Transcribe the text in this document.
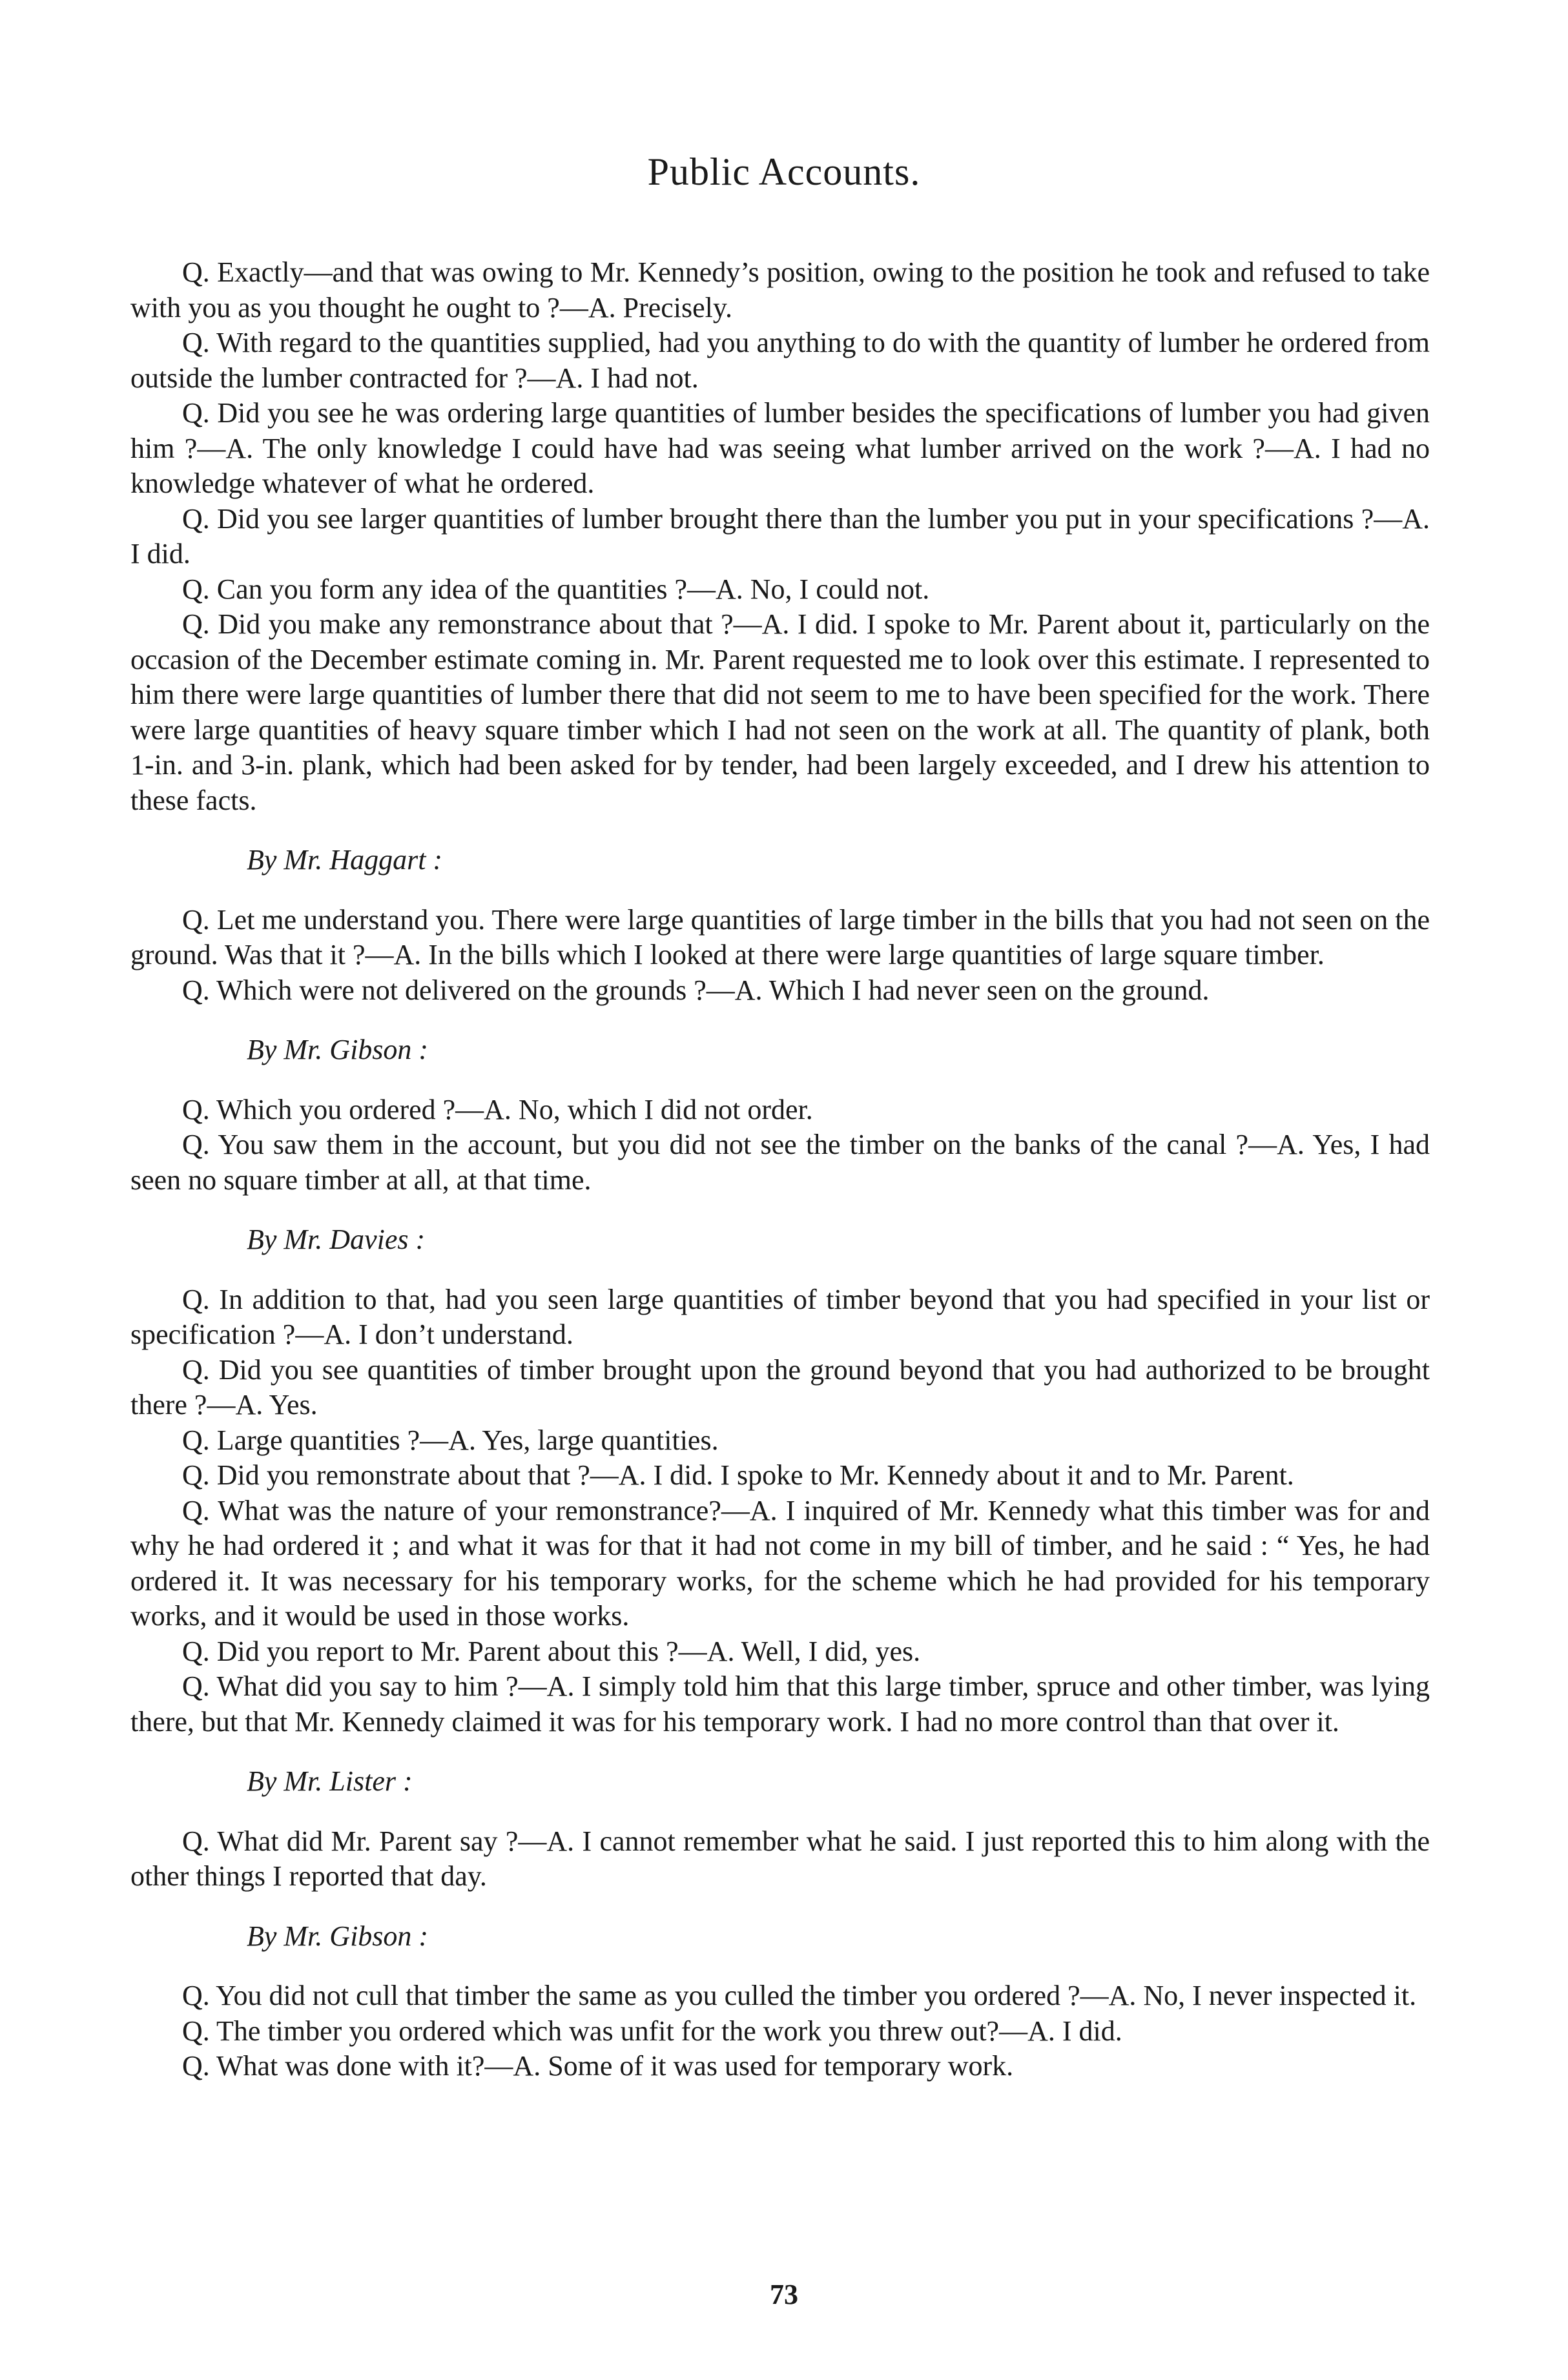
Public Accounts.

Q. Exactly—and that was owing to Mr. Kennedy’s position, owing to the position he took and refused to take with you as you thought he ought to ?—A. Precisely.

Q. With regard to the quantities supplied, had you anything to do with the quantity of lumber he ordered from outside the lumber contracted for ?—A. I had not.

Q. Did you see he was ordering large quantities of lumber besides the specifications of lumber you had given him ?—A. The only knowledge I could have had was seeing what lumber arrived on the work ?—A. I had no knowledge whatever of what he ordered.

Q. Did you see larger quantities of lumber brought there than the lumber you put in your specifications ?—A. I did.

Q. Can you form any idea of the quantities ?—A. No, I could not.

Q. Did you make any remonstrance about that ?—A. I did. I spoke to Mr. Parent about it, particularly on the occasion of the December estimate coming in. Mr. Parent requested me to look over this estimate. I represented to him there were large quantities of lumber there that did not seem to me to have been specified for the work. There were large quantities of heavy square timber which I had not seen on the work at all. The quantity of plank, both 1-in. and 3-in. plank, which had been asked for by tender, had been largely exceeded, and I drew his attention to these facts.

By Mr. Haggart :

Q. Let me understand you. There were large quantities of large timber in the bills that you had not seen on the ground. Was that it ?—A. In the bills which I looked at there were large quantities of large square timber.

Q. Which were not delivered on the grounds ?—A. Which I had never seen on the ground.

By Mr. Gibson :

Q. Which you ordered ?—A. No, which I did not order.

Q. You saw them in the account, but you did not see the timber on the banks of the canal ?—A. Yes, I had seen no square timber at all, at that time.

By Mr. Davies :

Q. In addition to that, had you seen large quantities of timber beyond that you had specified in your list or specification ?—A. I don’t understand.

Q. Did you see quantities of timber brought upon the ground beyond that you had authorized to be brought there ?—A. Yes.

Q. Large quantities ?—A. Yes, large quantities.

Q. Did you remonstrate about that ?—A. I did. I spoke to Mr. Kennedy about it and to Mr. Parent.

Q. What was the nature of your remonstrance?—A. I inquired of Mr. Kennedy what this timber was for and why he had ordered it ; and what it was for that it had not come in my bill of timber, and he said : “ Yes, he had ordered it. It was necessary for his temporary works, for the scheme which he had provided for his temporary works, and it would be used in those works.

Q. Did you report to Mr. Parent about this ?—A. Well, I did, yes.

Q. What did you say to him ?—A. I simply told him that this large timber, spruce and other timber, was lying there, but that Mr. Kennedy claimed it was for his temporary work. I had no more control than that over it.

By Mr. Lister :

Q. What did Mr. Parent say ?—A. I cannot remember what he said. I just reported this to him along with the other things I reported that day.

By Mr. Gibson :

Q. You did not cull that timber the same as you culled the timber you ordered ?—A. No, I never inspected it.

Q. The timber you ordered which was unfit for the work you threw out?—A. I did.

Q. What was done with it?—A. Some of it was used for temporary work.

73
